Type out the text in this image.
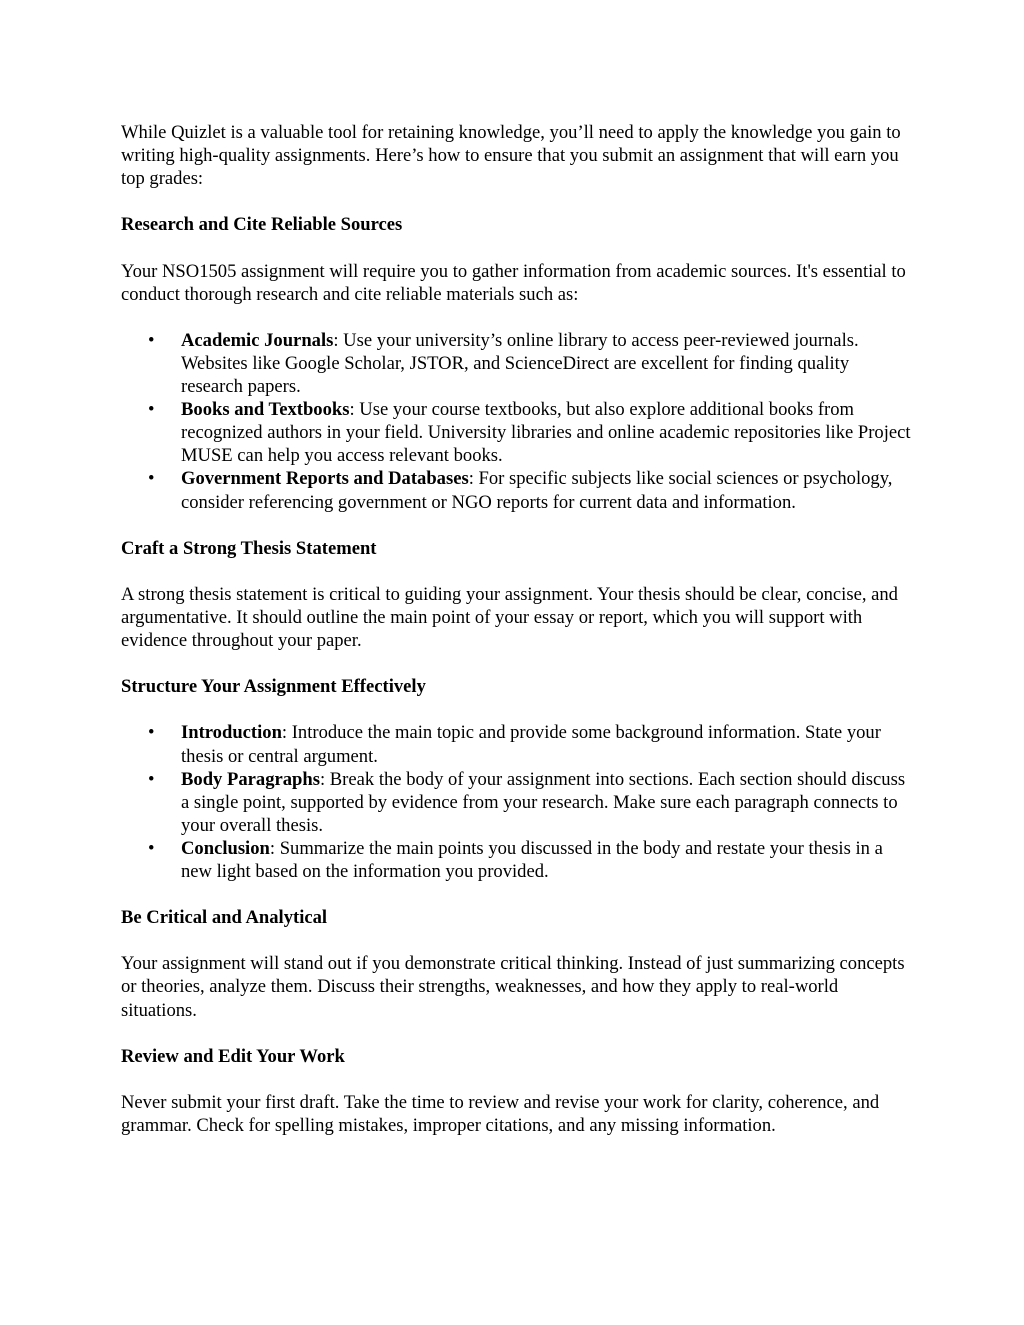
While Quizlet is a valuable tool for retaining knowledge, you’ll need to apply the knowledge you gain to writing high-quality assignments. Here’s how to ensure that you submit an assignment that will earn you top grades:

Research and Cite Reliable Sources

Your NSO1505 assignment will require you to gather information from academic sources. It's essential to conduct thorough research and cite reliable materials such as:

• Academic Journals: Use your university’s online library to access peer-reviewed journals. Websites like Google Scholar, JSTOR, and ScienceDirect are excellent for finding quality research papers.
• Books and Textbooks: Use your course textbooks, but also explore additional books from recognized authors in your field. University libraries and online academic repositories like Project MUSE can help you access relevant books.
• Government Reports and Databases: For specific subjects like social sciences or psychology, consider referencing government or NGO reports for current data and information.
Craft a Strong Thesis Statement

A strong thesis statement is critical to guiding your assignment. Your thesis should be clear, concise, and argumentative. It should outline the main point of your essay or report, which you will support with evidence throughout your paper.

Structure Your Assignment Effectively
• Introduction: Introduce the main topic and provide some background information. State your thesis or central argument.
• Body Paragraphs: Break the body of your assignment into sections. Each section should discuss a single point, supported by evidence from your research. Make sure each paragraph connects to your overall thesis.
• Conclusion: Summarize the main points you discussed in the body and restate your thesis in a new light based on the information you provided.
Be Critical and Analytical

Your assignment will stand out if you demonstrate critical thinking. Instead of just summarizing concepts or theories, analyze them. Discuss their strengths, weaknesses, and how they apply to real-world situations.

Review and Edit Your Work

Never submit your first draft. Take the time to review and revise your work for clarity, coherence, and grammar. Check for spelling mistakes, improper citations, and any missing information.
